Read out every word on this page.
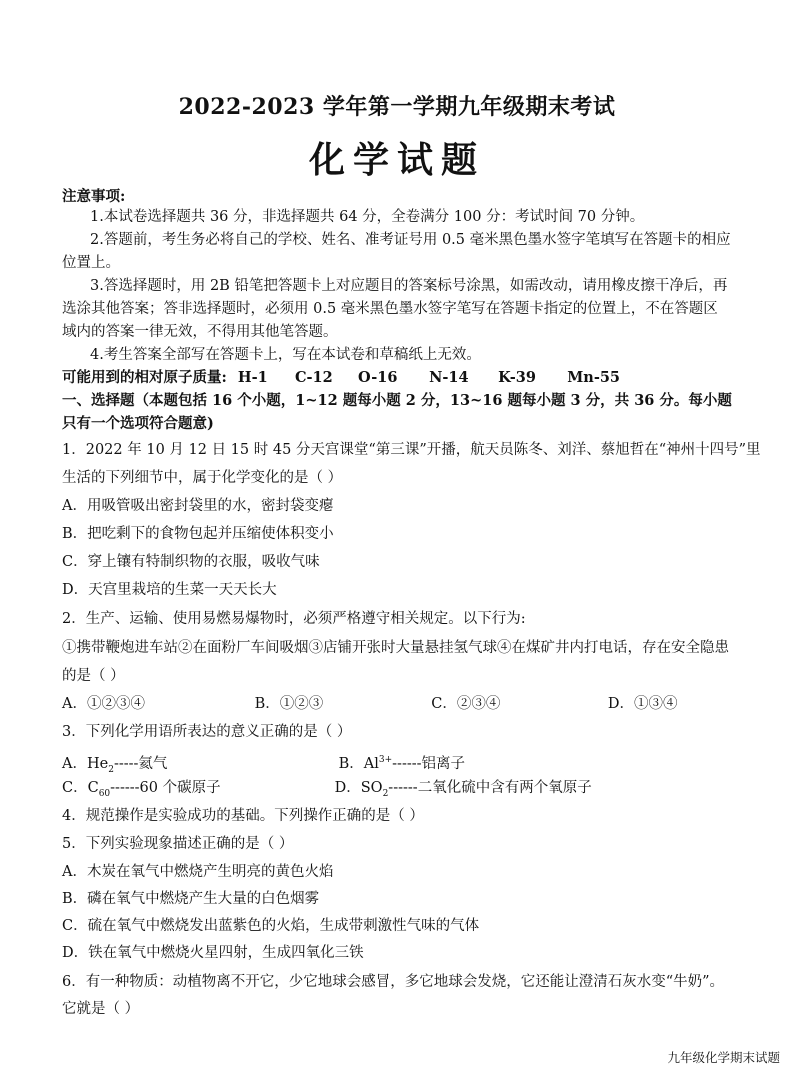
2022-2023 学年第一学期九年级期末考试
化学试题
注意事项:
1.本试卷选择题共 36 分，非选择题共 64 分，全卷满分 100 分：考试时间 70 分钟。
2.答题前，考生务必将自己的学校、姓名、准考证号用 0.5 毫米黑色墨水签字笔填写在答题卡的相应
位置上。
3.答选择题时，用 2B 铅笔把答题卡上对应题目的答案标号涂黑，如需改动，请用橡皮擦干净后，再
选涂其他答案；答非选择题时，必须用 0.5 毫米黑色墨水签字笔写在答题卡指定的位置上，不在答题区
域内的答案一律无效，不得用其他笔答题。
4.考生答案全部写在答题卡上，写在本试卷和草稿纸上无效。
可能用到的相对原子质量: H-1 C-12 O-16 N-14 K-39 Mn-55
一、选择题（本题包括 16 个小题，1~12 题每小题 2 分，13~16 题每小题 3 分，共 36 分。每小题
只有一个选项符合题意)
1．2022 年 10 月 12 日 15 时 45 分天宫课堂“第三课”开播，航天员陈冬、刘洋、蔡旭哲在“神州十四号”里
生活的下列细节中，属于化学变化的是（ ）
A．用吸管吸出密封袋里的水，密封袋变瘪
B．把吃剩下的食物包起并压缩使体积变小
C．穿上镶有特制织物的衣服，吸收气味
D．天宫里栽培的生菜一天天长大
2．生产、运输、使用易燃易爆物时，必须严格遵守相关规定。以下行为:
①携带鞭炮进车站②在面粉厂车间吸烟③店铺开张时大量悬挂氢气球④在煤矿井内打电话，存在安全隐患
的是（ ）
A．①②③④	B．①②③	C．②③④	D．①③④
3．下列化学用语所表达的意义正确的是（ ）
A．$He_2-----$氦气	B．$Al^{3+}------$铝离子
C．$C_{60}------60$ 个碳原子	D．$SO_2------$二氧化硫中含有两个氧原子
4．规范操作是实验成功的基础。下列操作正确的是（ ）
5．下列实验现象描述正确的是（ ）
A．木炭在氧气中燃烧产生明亮的黄色火焰
B．磷在氧气中燃烧产生大量的白色烟雾
C．硫在氧气中燃烧发出蓝紫色的火焰，生成带刺激性气味的气体
D．铁在氧气中燃烧火星四射，生成四氧化三铁
6．有一种物质：动植物离不开它，少它地球会感冒，多它地球会发烧，它还能让澄清石灰水变“牛奶”。
它就是（ ）
九年级化学期末试题
